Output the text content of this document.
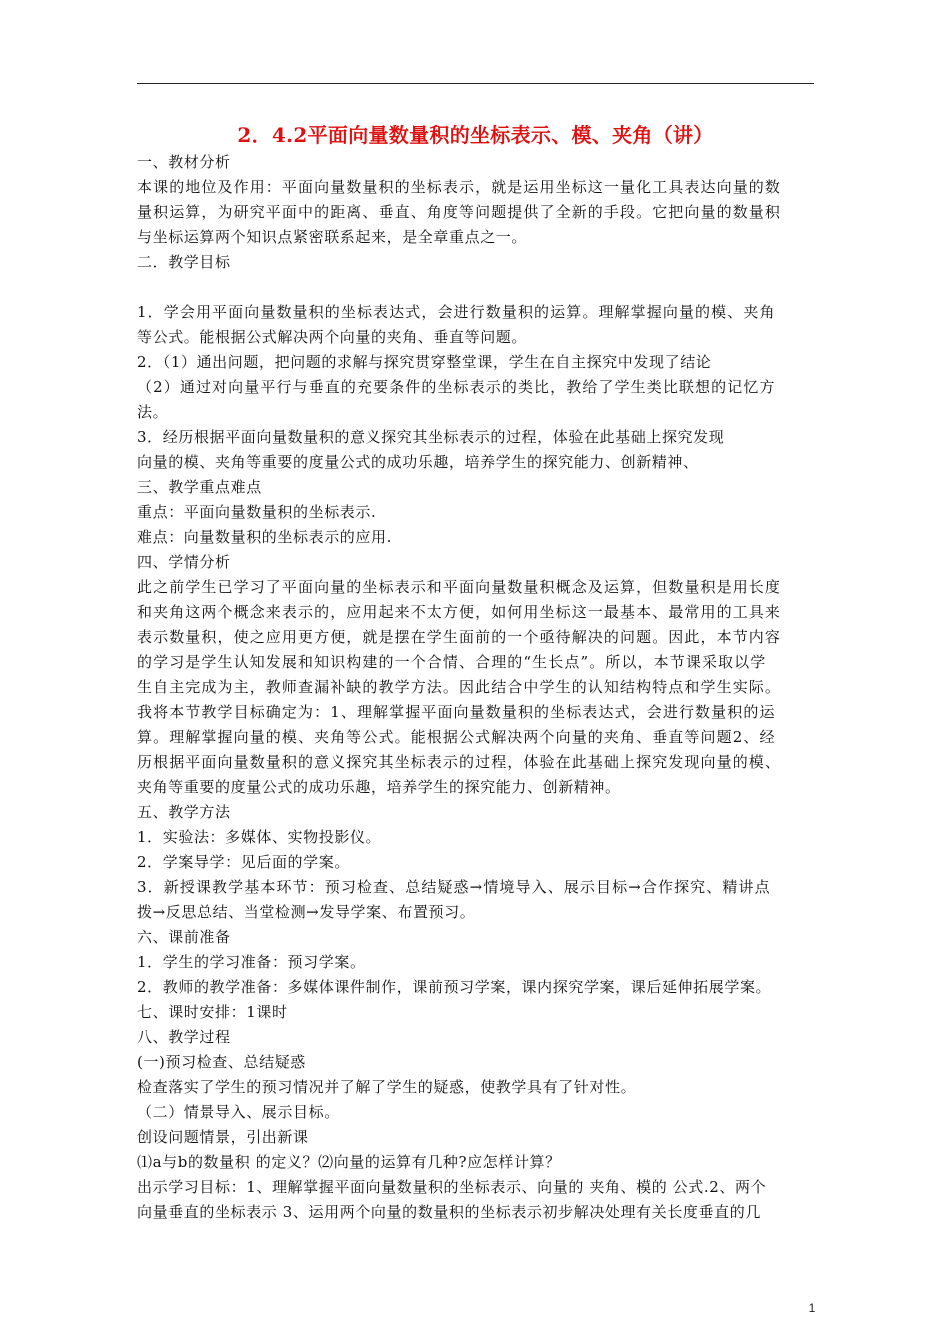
2．4.2平面向量数量积的坐标表示、模、夹角（讲）
一、教材分析
本课的地位及作用：平面向量数量积的坐标表示，就是运用坐标这一量化工具表达向量的数
量积运算，为研究平面中的距离、垂直、角度等问题提供了全新的手段。它把向量的数量积
与坐标运算两个知识点紧密联系起来，是全章重点之一。
二．教学目标
1．学会用平面向量数量积的坐标表达式，会进行数量积的运算。理解掌握向量的模、夹角
等公式。能根据公式解决两个向量的夹角、垂直等问题。
2．（1）通出问题，把问题的求解与探究贯穿整堂课，学生在自主探究中发现了结论
（2）通过对向量平行与垂直的充要条件的坐标表示的类比，教给了学生类比联想的记忆方
法。
3．经历根据平面向量数量积的意义探究其坐标表示的过程，体验在此基础上探究发现
向量的模、夹角等重要的度量公式的成功乐趣，培养学生的探究能力、创新精神、
三、教学重点难点
重点：平面向量数量积的坐标表示.
难点：向量数量积的坐标表示的应用.
四、学情分析
此之前学生已学习了平面向量的坐标表示和平面向量数量积概念及运算，但数量积是用长度
和夹角这两个概念来表示的，应用起来不太方便，如何用坐标这一最基本、最常用的工具来
表示数量积，使之应用更方便，就是摆在学生面前的一个亟待解决的问题。因此，本节内容
的学习是学生认知发展和知识构建的一个合情、合理的“生长点”。所以，本节课采取以学
生自主完成为主，教师查漏补缺的教学方法。因此结合中学生的认知结构特点和学生实际。
我将本节教学目标确定为：1、理解掌握平面向量数量积的坐标表达式，会进行数量积的运
算。理解掌握向量的模、夹角等公式。能根据公式解决两个向量的夹角、垂直等问题2、经
历根据平面向量数量积的意义探究其坐标表示的过程，体验在此基础上探究发现向量的模、
夹角等重要的度量公式的成功乐趣，培养学生的探究能力、创新精神。
五、教学方法
1．实验法：多媒体、实物投影仪。
2．学案导学：见后面的学案。
3．新授课教学基本环节：预习检查、总结疑惑→情境导入、展示目标→合作探究、精讲点
拨→反思总结、当堂检测→发导学案、布置预习。
六、课前准备
1．学生的学习准备：预习学案。
2．教师的教学准备：多媒体课件制作，课前预习学案，课内探究学案，课后延伸拓展学案。
七、课时安排：1课时
八、教学过程
(一)预习检查、总结疑惑
检查落实了学生的预习情况并了解了学生的疑惑，使教学具有了针对性。
（二）情景导入、展示目标。
创设问题情景，引出新课
⑴a与b的数量积 的定义？⑵向量的运算有几种?应怎样计算？
出示学习目标：1、理解掌握平面向量数量积的坐标表示、向量的 夹角、模的 公式.2、两个
向量垂直的坐标表示 3、运用两个向量的数量积的坐标表示初步解决处理有关长度垂直的几
1
